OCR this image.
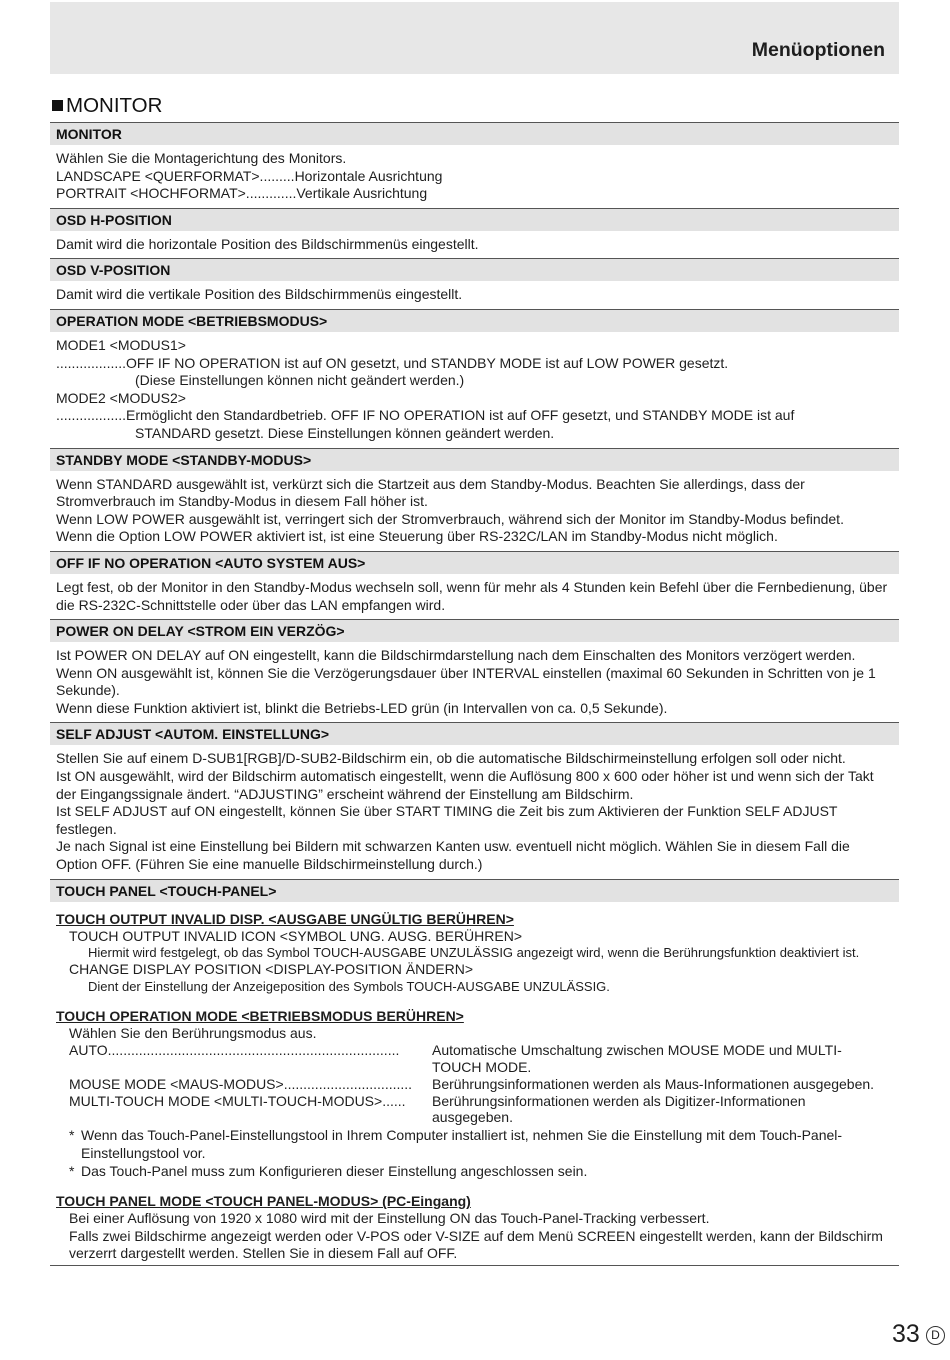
Menüoptionen
MONITOR
MONITOR
Wählen Sie die Montagerichtung des Monitors.
LANDSCAPE <QUERFORMAT>.........Horizontale Ausrichtung
PORTRAIT <HOCHFORMAT>.............Vertikale Ausrichtung
OSD H-POSITION
Damit wird die horizontale Position des Bildschirmmenüs eingestellt.
OSD V-POSITION
Damit wird die vertikale Position des Bildschirmmenüs eingestellt.
OPERATION MODE <BETRIEBSMODUS>
MODE1 <MODUS1>
.................. OFF IF NO OPERATION ist auf ON gesetzt, und STANDBY MODE ist auf LOW POWER gesetzt.
(Diese Einstellungen können nicht geändert werden.)
MODE2 <MODUS2>
.................. Ermöglicht den Standardbetrieb. OFF IF NO OPERATION ist auf OFF gesetzt, und STANDBY MODE ist auf
STANDARD gesetzt. Diese Einstellungen können geändert werden.
STANDBY MODE <STANDBY-MODUS>
Wenn STANDARD ausgewählt ist, verkürzt sich die Startzeit aus dem Standby-Modus. Beachten Sie allerdings, dass der Stromverbrauch im Standby-Modus in diesem Fall höher ist.
Wenn LOW POWER ausgewählt ist, verringert sich der Stromverbrauch, während sich der Monitor im Standby-Modus befindet.
Wenn die Option LOW POWER aktiviert ist, ist eine Steuerung über RS-232C/LAN im Standby-Modus nicht möglich.
OFF IF NO OPERATION <AUTO SYSTEM AUS>
Legt fest, ob der Monitor in den Standby-Modus wechseln soll, wenn für mehr als 4 Stunden kein Befehl über die Fernbedienung, über die RS-232C-Schnittstelle oder über das LAN empfangen wird.
POWER ON DELAY <STROM EIN VERZÖG>
Ist POWER ON DELAY auf ON eingestellt, kann die Bildschirmdarstellung nach dem Einschalten des Monitors verzögert werden. Wenn ON ausgewählt ist, können Sie die Verzögerungsdauer über INTERVAL einstellen (maximal 60 Sekunden in Schritten von je 1 Sekunde).
Wenn diese Funktion aktiviert ist, blinkt die Betriebs-LED grün (in Intervallen von ca. 0,5 Sekunde).
SELF ADJUST <AUTOM. EINSTELLUNG>
Stellen Sie auf einem D-SUB1[RGB]/D-SUB2-Bildschirm ein, ob die automatische Bildschirmeinstellung erfolgen soll oder nicht.
Ist ON ausgewählt, wird der Bildschirm automatisch eingestellt, wenn die Auflösung 800 x 600 oder höher ist und wenn sich der Takt der Eingangssignale ändert. “ADJUSTING” erscheint während der Einstellung am Bildschirm.
Ist SELF ADJUST auf ON eingestellt, können Sie über START TIMING die Zeit bis zum Aktivieren der Funktion SELF ADJUST festlegen.
Je nach Signal ist eine Einstellung bei Bildern mit schwarzen Kanten usw. eventuell nicht möglich. Wählen Sie in diesem Fall die Option OFF. (Führen Sie eine manuelle Bildschirmeinstellung durch.)
TOUCH PANEL <TOUCH-PANEL>
TOUCH OUTPUT INVALID DISP. <AUSGABE UNGÜLTIG BERÜHREN>
TOUCH OUTPUT INVALID ICON <SYMBOL UNG. AUSG. BERÜHREN>
Hiermit wird festgelegt, ob das Symbol TOUCH-AUSGABE UNZULÄSSIG angezeigt wird, wenn die Berührungsfunktion deaktiviert ist.
CHANGE DISPLAY POSITION <DISPLAY-POSITION ÄNDERN>
Dient der Einstellung der Anzeigeposition des Symbols TOUCH-AUSGABE UNZULÄSSIG.
TOUCH OPERATION MODE <BETRIEBSMODUS BERÜHREN>
Wählen Sie den Berührungsmodus aus.
AUTO...........................................................................	Automatische Umschaltung zwischen MOUSE MODE und MULTI-TOUCH MODE.
MOUSE MODE <MAUS-MODUS>.................................	Berührungsinformationen werden als Maus-Informationen ausgegeben.
MULTI-TOUCH MODE <MULTI-TOUCH-MODUS>......	Berührungsinformationen werden als Digitizer-Informationen ausgegeben.
* Wenn das Touch-Panel-Einstellungstool in Ihrem Computer installiert ist, nehmen Sie die Einstellung mit dem Touch-Panel-Einstellungstool vor.
* Das Touch-Panel muss zum Konfigurieren dieser Einstellung angeschlossen sein.
TOUCH PANEL MODE <TOUCH PANEL-MODUS> (PC-Eingang)
Bei einer Auflösung von 1920 x 1080 wird mit der Einstellung ON das Touch-Panel-Tracking verbessert.
Falls zwei Bildschirme angezeigt werden oder V-POS oder V-SIZE auf dem Menü SCREEN eingestellt werden, kann der Bildschirm verzerrt dargestellt werden. Stellen Sie in diesem Fall auf OFF.
33 D
